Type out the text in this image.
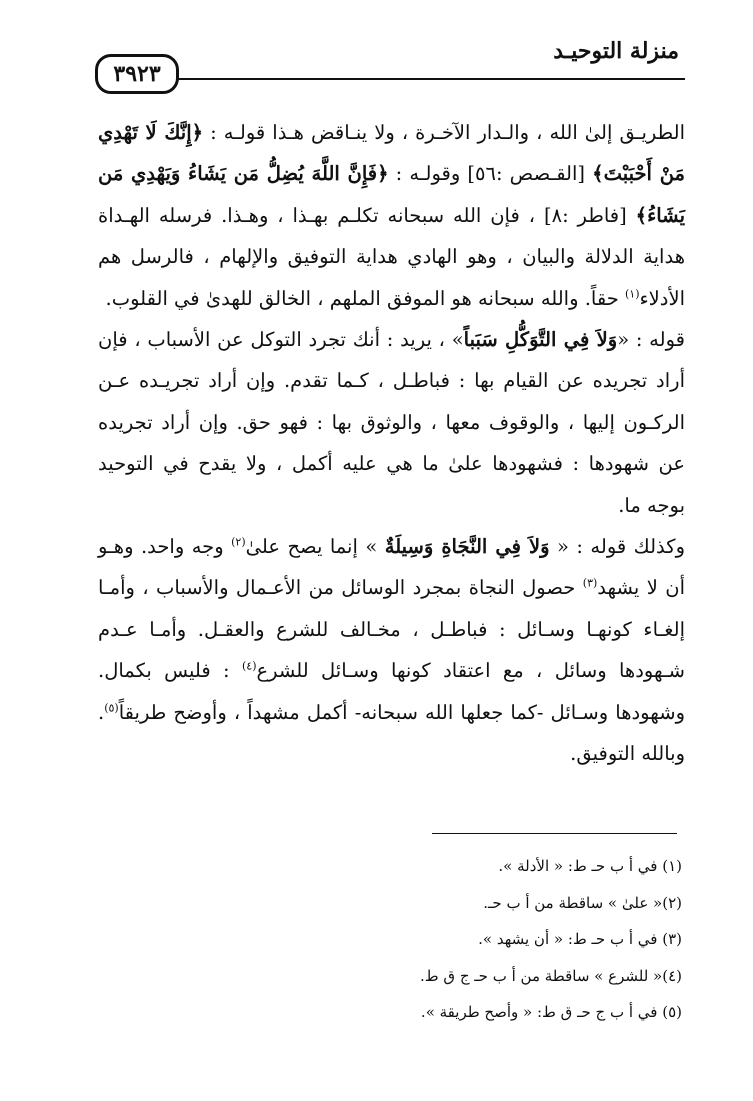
منزلة التوحيـد
٣٩٢٣

الطريـق إلىٰ الله ، والـدار الآخـرة ، ولا ينـاقض هـذا قولـه : ﴿إِنَّكَ لَا تَهْدِي مَنْ أَحْبَبْتَ﴾ [القـصص :٥٦] وقولـه : ﴿فَإِنَّ اللَّهَ يُضِلُّ مَن يَشَاءُ وَيَهْدِي مَن يَشَاءُ﴾ [فاطر :٨] ، فإن الله سبحانه تكلـم بهـذا ، وهـذا. فرسله الهـداة هداية الدلالة والبيان ، وهو الهادي هداية التوفيق والإلهام ، فالرسل هم الأدلاء$^{(١)}$ حقاً. والله سبحانه هو الموفق الملهم ، الخالق للهدىٰ في القلوب.

قوله : «وَلاَ فِي التَّوَكُّلِ سَبَباً» ، يريد : أنك تجرد التوكل عن الأسباب ، فإن أراد تجريده عن القيام بها : فباطـل ، كـما تقدم. وإن أراد تجريـده عـن الركـون إليها ، والوقوف معها ، والوثوق بها : فهو حق. وإن أراد تجريده عن شهودها : فشهودها علىٰ ما هي عليه أكمل ، ولا يقدح في التوحيد بوجه ما.

وكذلك قوله : « وَلاَ فِي النَّجَاةِ وَسِيلَةٌ » إنما يصح علىٰ$^{(٢)}$ وجه واحد. وهـو أن لا يشهد$^{(٣)}$ حصول النجاة بمجرد الوسائل من الأعـمال والأسباب ، وأمـا إلغـاء كونهـا وسـائل : فباطـل ، مخـالف للشرع والعقـل. وأمـا عـدم شـهودها وسائل ، مع اعتقاد كونها وسـائل للشرع$^{(٤)}$ : فليس بكمال. وشهودها وسـائل -كما جعلها الله سبحانه- أكمل مشهداً ، وأوضح طريقاً$^{(٥)}$. وبالله التوفيق.

(١) في أ ب حـ ط: « الأدلة ».
(٢)« علىٰ » ساقطة من أ ب حـ.
(٣) في أ ب حـ ط: « أن يشهد ».
(٤)« للشرع » ساقطة من أ ب حـ ج ق ط.
(٥) في أ ب ج حـ ق ط: « وأصح طريقة ».
